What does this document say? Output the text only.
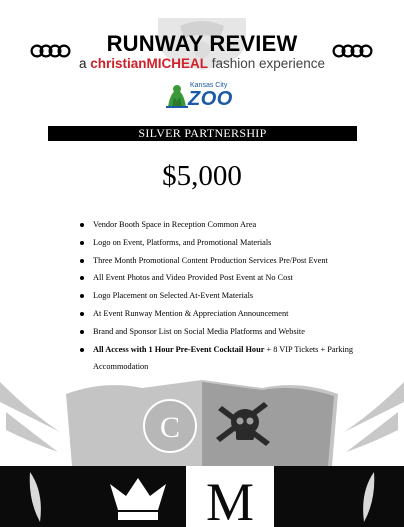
RUNWAY REVIEW
a christianMICHEAL fashion experience
Kansas City
ZOO
SILVER PARTNERSHIP
$5,000
Vendor Booth Space in Reception Common Area
Logo on Event, Platforms, and Promotional Materials
Three Month Promotional Content Production Services Pre/Post Event
All Event Photos and Video Provided Post Event at No Cost
Logo Placement on Selected At-Event Materials
At Event Runway Mention & Appreciation Announcement
Brand and Sponsor List on Social Media Platforms and Website
All Access with 1 Hour Pre-Event Cocktail Hour + 8 VIP Tickets + Parking Accommodation
C
M
